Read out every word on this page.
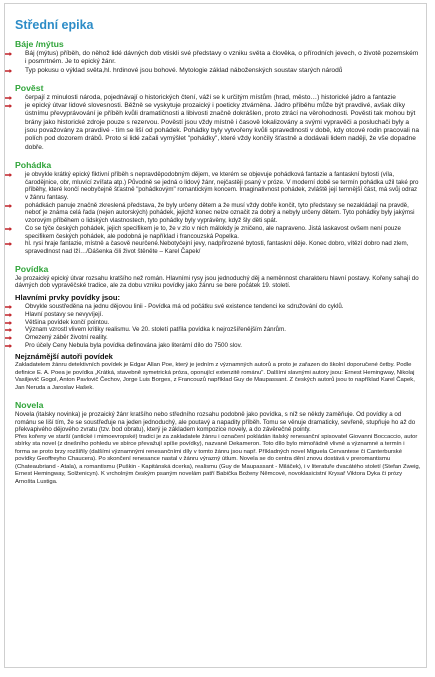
Střední epika
Báje /mýtus
Báj (mýtus) příběh, do něhož lidé dávných dob vtiskli své představy o vzniku světa a člověka, o přírodních jevech, o životě pozemském i posmrtném. Je to epický žánr.
Typ pokusu o výklad světa,hl. hrdinové jsou bohové. Mytologie základ náboženských soustav starých národů
Pověst
čerpají z minulosti národa, pojednávají o historických čtení, váží se k určitým místům (hrad, město…) historické jádro a fantazie
je epický útvar lidové slovesnosti. Běžně se vyskytuje prozaický i poeticky ztvárněna. Jádro příběhu může být pravdivé, avšak díky ústnímu převyprávování je příběh kvůli dramatičnosti a libivosti značně dokrášlen, proto ztrácí na věrohodnosti. Pověsti tak mohou být brány jako historické zdroje pouze s rezervou. Pověstí jsou vždy místně i časově lokalizovány a svými vypravěči a posluchači byly a jsou považovány za pravdivé - tím se liší od pohádek. Pohádky byly vytvořeny kvůli spravedlnosti v době, kdy otcové rodin pracovali na polích pod dozorem drábů. Proto si lidé začali vymýšlet "pohádky", které vždy končily šťastně a dodávali lidem naději, že vše dopadne dobře.
Pohádka
je obvykle krátký epický fiktivní příběh s nepravděpodobným dějem, ve kterém se objevuje pohádková fantazie a fantaskní bytosti (víla, čarodějnice, obr, mluvící zvířata atp.) Původně se jedná o lidový žánr, nejčastěji psaný v próze. V moderní době se termín pohádka užil také pro příběhy, které končí neobyčejně šťastně "pohádkovým" romantickým koncem. Imaginativnost pohádek, zvláště její temnější část, má svůj odraz v žánru fantasy.
pohádkách panuje značně zkreslená představa, že byly určeny dětem a že musí vždy dobře končit, tyto představy se nezakládají na pravdě, neboť je známa celá řada (nejen autorských) pohádek, jejichž konec nelze označit za dobrý a nebyly určeny dětem. Tyto pohádky byly jakýmsi vzorovým příběhem o lidských vlastnostech, tyto pohádky byly vyprávěny, když šly děti spát.
Co se týče českých pohádek, jejich specifikem je to, že v zlo v nich málokdy je zničeno, ale napraveno. Jistá laskavost ovšem není pouze specifikem českých pohádek, ale podobná je například i francouzská Popelka.
hl. rysi hraje fantazie, místně a časově neurčené.Nebotyčejní jevy, nadpřirozené bytosti, fantaskní děje. Konec dobro, vítězí dobro nad zlem, spravedlnost nad lží…/Dášenka čili život štěněte – Karel Čapek/
Povídka
Je prozaický epický útvar rozsahu kratšího než román. Hlavními rysy jsou jednoduchý děj a neměnnost charakteru hlavní postavy. Kořeny sahají do dávných dob vypravěčské tradice, ale za dobu vzniku povídky jako žánru se bere počátek 19. století.
Hlavními prvky povídky jsou:
Obvykle soustředěna na jednu dějovou linii - Povídka má od počátku své existence tendenci ke sdružování do cyklů.
Hlavní postavy se nevyvíjejí.
Většina povídek končí pointou.
Význam vzrostl vlivem kritiky realismu. Ve 20. století patřila povídka k nejrozšířenějším žánrům.
Omezený záběr životní reality.
Pro účely Ceny Nebula byla povídka definována jako literární dílo do 7500 slov.
Nejznámější autoři povídek
Zakladatelem žánru detektivních povídek je Edgar Allan Poe, který je jedním z významných autorů a proto je zařazen do školní doporučené četby. Podle definice E. A. Poea je povídka „Krátká, stavebně symetrická próza, oponující extenzitě románu". Dalšími slavnými autory jsou: Ernest Hemingway, Nikolaj Vasiljevič Gogol, Anton Pavlovič Čechov, Jorge Luis Borges, z Francouzů například Guy de Maupassant. Z českých autorů jsou to například Karel Čapek, Jan Neruda a Jaroslav Hašek.
Novela
Novela (italsky novinka) je prozaický žánr kratšího nebo středního rozsahu podobně jako povídka, s níž se někdy zaměňuje. Od povídky a od románu se liší tím, že se soustřeďuje na jeden jednoduchý, ale poutavý a napadity příběh. Tomu se věnuje dramaticky, sevřeně, stupňuje ho až do překvapivého dějového zvratu (tzv. bod obratu), který je základem kompozice novely, a do závěrečné pointy.
Přes kořeny ve starší (antické i mimoevropské) tradici je za zakladatele žánru i označení pokládán italský renesanční spisovatel Giovanni Boccaccio, autor sbírky sta novel (z dnešního pohledu ve sbírce převažují spíše povídky), nazvané Dekameron. Toto dílo bylo mimořádně vlivné a významné a termín i forma se proto brzy rozšířily (dalšími významnými renesančními díly v tomto žánru jsou např. Příkladných novel Miguela Cervantese či Canterburské povídky Geoffreyho Chaucera). Po skončení renesance nastal v žánru výrazný útlum. Novela se do centra dění znovu dostává v preromantismu (Chateaubriand - Atala), a romantismu (Puškin - Kapitánská dcerka), realismu (Guy de Maupassant - Miláček), i v literatuře dvacátého století (Stefan Zweig, Ernest Hemingway, Solženicyn). K vrcholným českým psaným novelám patří Babička Boženy Němcové, novoklasicistní Krysař Viktora Dyka či prózy Arnošta Lustiga.
